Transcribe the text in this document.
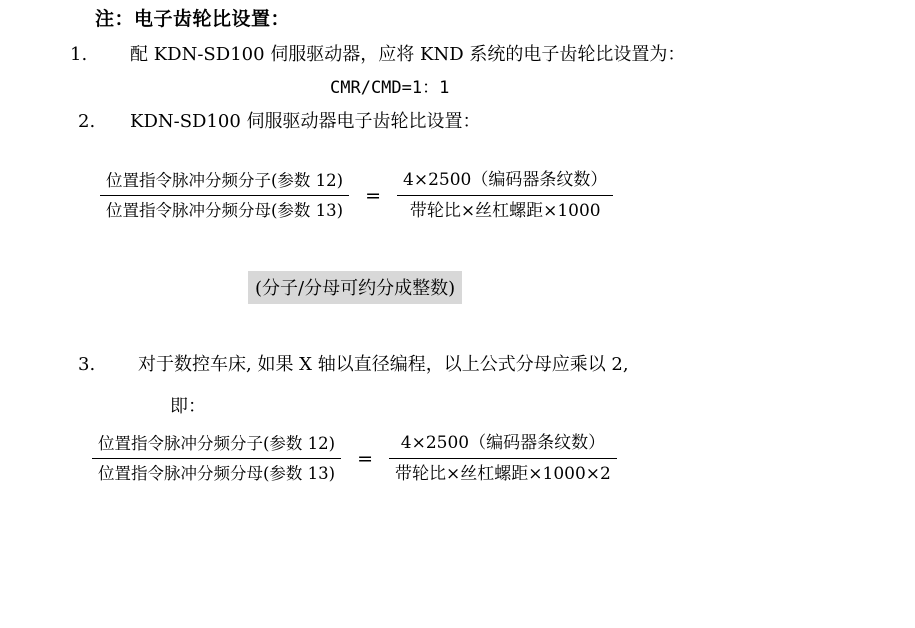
注：电子齿轮比设置：
1.	配 KDN-SD100 伺服驱动器，应将 KND 系统的电子齿轮比设置为：
CMR/CMD=1：1
2.	KDN-SD100 伺服驱动器电子齿轮比设置：
$\frac{\text{位置指令脉冲分频分子(参数 12)}}{\text{位置指令脉冲分频分母(参数 13)}} = \frac{\text{4×2500（编码器条纹数）}}{\text{带轮比×丝杠螺距×1000}}$
(分子/分母可约分成整数)
3.	对于数控车床, 如果 X 轴以直径编程，以上公式分母应乘以 2,
即：
$\frac{\text{位置指令脉冲分频分子(参数 12)}}{\text{位置指令脉冲分频分母(参数 13)}} = \frac{\text{4×2500（编码器条纹数）}}{\text{带轮比×丝杠螺距×1000×2}}$
